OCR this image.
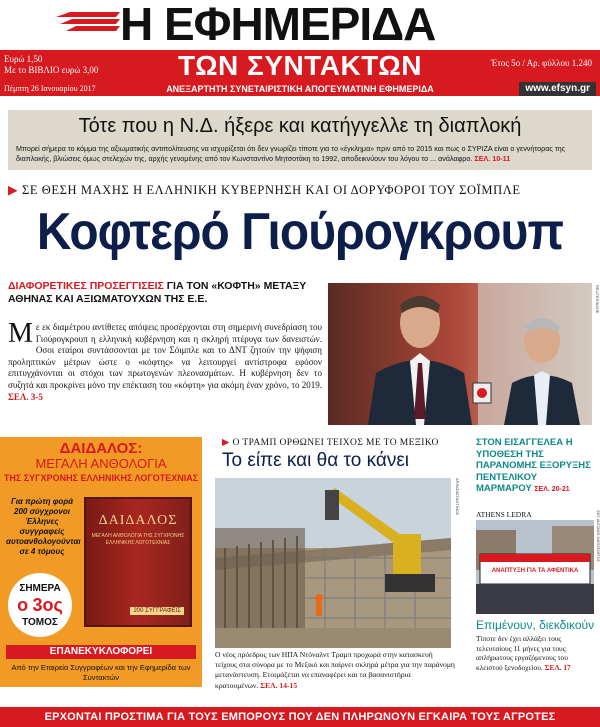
Η ΕΦΗΜΕΡΙΔΑ
Ευρώ 1,50
Με το ΒΙΒΛΙΟ ευρώ 3,00	ΤΩΝ ΣΥΝΤΑΚΤΩΝ	Έτος 5ο / Αρ. φύλλου 1.240
Πέμπτη 26 Ιανουαρίου 2017	ΑΝΕΞΑΡΤΗΤΗ ΣΥΝΕΤΑΙΡΙΣΤΙΚΗ ΑΠΟΓΕΥΜΑΤΙΝΗ ΕΦΗΜΕΡΙΔΑ	www.efsyn.gr
Τότε που η Ν.Δ. ήξερε και κατήγγελλε τη διαπλοκή
Μπορεί σήμερα το κόμμα της αξιωματικής αντιπολίτευσης να ισχυρίζεται ότι δεν γνωρίζει τίποτε για το «έγκλημα» πριν από το 2015 και πως ο ΣΥΡΙΖΑ είναι ο γεννήτορας της διαπλοκής, βλιώσεις όμως στελεχών της, αρχής γενομένης από τον Κωνσταντίνο Μητσοτάκη το 1992, αποδεικνύουν του λόγου το ... ανάλαφρο. ΣΕΛ. 10-11
▶ ΣΕ ΘΕΣΗ ΜΑΧΗΣ Η ΕΛΛΗΝΙΚΗ ΚΥΒΕΡΝΗΣΗ ΚΑΙ ΟΙ ΔΟΡΥΦΟΡΟΙ ΤΟΥ ΣΟΪΜΠΛΕ
Κοφτερό Γιούρογκρουπ
ΔΙΑΦΟΡΕΤΙΚΕΣ ΠΡΟΣΕΓΓΙΣΕΙΣ ΓΙΑ ΤΟΝ «ΚΟΦΤΗ» ΜΕΤΑΞΥ ΑΘΗΝΑΣ ΚΑΙ ΑΞΙΩΜΑΤΟΥΧΩΝ ΤΗΣ Ε.Ε.
Μ ε εκ διαμέτρου αντίθετες απόψεις προσέρχονται στη σημερινή συνεδρίαση του Γιούρογκρουπ η ελληνική κυβέρνηση και η σκληρή πτέρυγα των δανειστών. Οσοι εταίροι συντάσσονται με τον Σόιμπλε και το ΔΝΤ ζητούν την ψήφιση προληπτικών μέτρων ώστε ο «κόφτης» να λειτουργεί αντίστροφα εφόσον επιτυγχάνονται οι στόχοι των πρωτογενών πλεονασμάτων. Η κυβέρνηση δεν το συζητά και προκρίνει μόνο την επέκταση του «κόφτη» για ακόμη έναν χρόνο, το 2019. ΣΕΛ. 3-5
REUTERS/ΑΠΕ
ΔΑΙΔΑΛΟΣ:
ΜΕΓΑΛΗ ΑΝΘΟΛΟΓΙΑ
ΤΗΣ ΣΥΓΧΡΟΝΗΣ ΕΛΛΗΝΙΚΗΣ ΛΟΓΟΤΕΧΝΙΑΣ
Για πρώτη φορά 200 σύγχρονοι Έλληνες συγγραφείς αυτοανθολογούνται σε 4 τόμους
ΔΑΙΔΑΛΟΣ
ΜΕΓΑΛΗ ΑΝΘΟΛΟΓΙΑ ΤΗΣ ΣΥΓΧΡΟΝΗΣ ΕΛΛΗΝΙΚΗΣ ΛΟΓΟΤΕΧΝΙΑΣ
200 ΣΥΓΓΡΑΦΕΙΣ
ΣΗΜΕΡΑ
ο 3ος
ΤΟΜΟΣ
ΕΠΑΝΕΚΥΚΛΟΦΟΡΕΙ
Από την Εταιρεία Συγγραφέων και την Εφημερίδα των Συντακτών
▶ Ο ΤΡΑΜΠ ΟΡΘΩΝΕΙ ΤΕΙΧΟΣ ΜΕ ΤΟ ΜΕΞΙΚΟ
Το είπε και θα το κάνει
AP/ΚΩΝΣΤΑΝΤΙΝΟΣ
Ο νέος πρόεδρος των ΗΠΑ Ντόναλντ Τραμπ προχωρά στην κατασκευή τείχους στα σύνορα με το Μεξικό και παίρνει σκληρά μέτρα για την παράνομη μετανάστευση. Ετοιμάζεται να επαναφέρει και τα βασανιστήρια κρατουμένων. ΣΕΛ. 14-15
ΣΤΟΝ ΕΙΣΑΓΓΕΛΕΑ Η ΥΠΟΘΕΣΗ ΤΗΣ ΠΑΡΑΝΟΜΗΣ ΕΞΟΡΥΞΗΣ ΠΕΝΤΕΛΙΚΟΥ ΜΑΡΜΑΡΟΥ ΣΕΛ. 20-21
ATHENS LEDRA
ΑΝΑΠΤΥΞΗ ΓΙΑ ΤΑ ΑΦΕΝΤΙΚΑ
ΦΩΤ. ΑΝΤΩΝΗΣ ΚΑΡΑΓΕΩΡΓΟΣ
Επιμένουν, διεκδικούν
Τίποτε δεν έχει αλλάξει τους τελευταίους 11 μήνες για τους απλήρωτους εργαζόμενους του κλειστού ξενοδοχείου. ΣΕΛ. 17
ΕΡΧΟΝΤΑΙ ΠΡΟΣΤΙΜΑ ΓΙΑ ΤΟΥΣ ΕΜΠΟΡΟΥΣ ΠΟΥ ΔΕΝ ΠΛΗΡΩΝΟΥΝ ΕΓΚΑΙΡΑ ΤΟΥΣ ΑΓΡΟΤΕΣ
